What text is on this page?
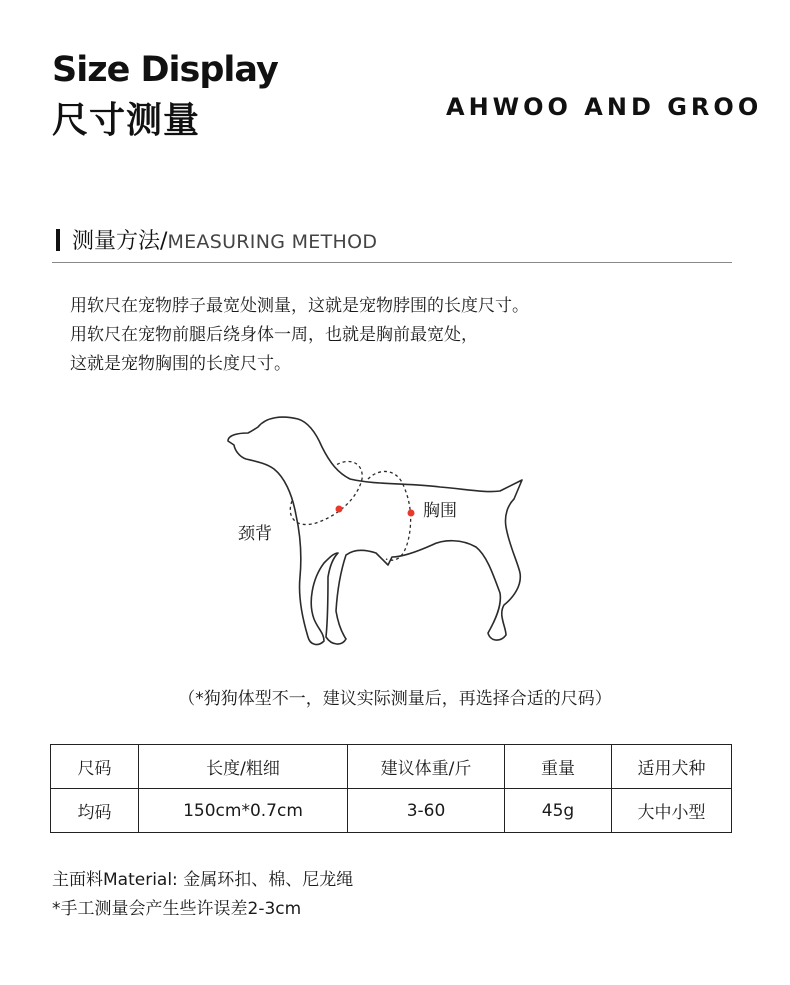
Size Display
尺寸测量	AHWOO AND GROO
测量方法/MEASURING METHOD
用软尺在宠物脖子最宽处测量，这就是宠物脖围的长度尺寸。
用软尺在宠物前腿后绕身体一周，也就是胸前最宽处，
这就是宠物胸围的长度尺寸。
颈背
胸围
（*狗狗体型不一，建议实际测量后，再选择合适的尺码）
尺码	长度/粗细	建议体重/斤	重量	适用犬种
均码	150cm*0.7cm	3-60	45g	大中小型
主面料Material: 金属环扣、棉、尼龙绳
*手工测量会产生些许误差2-3cm
